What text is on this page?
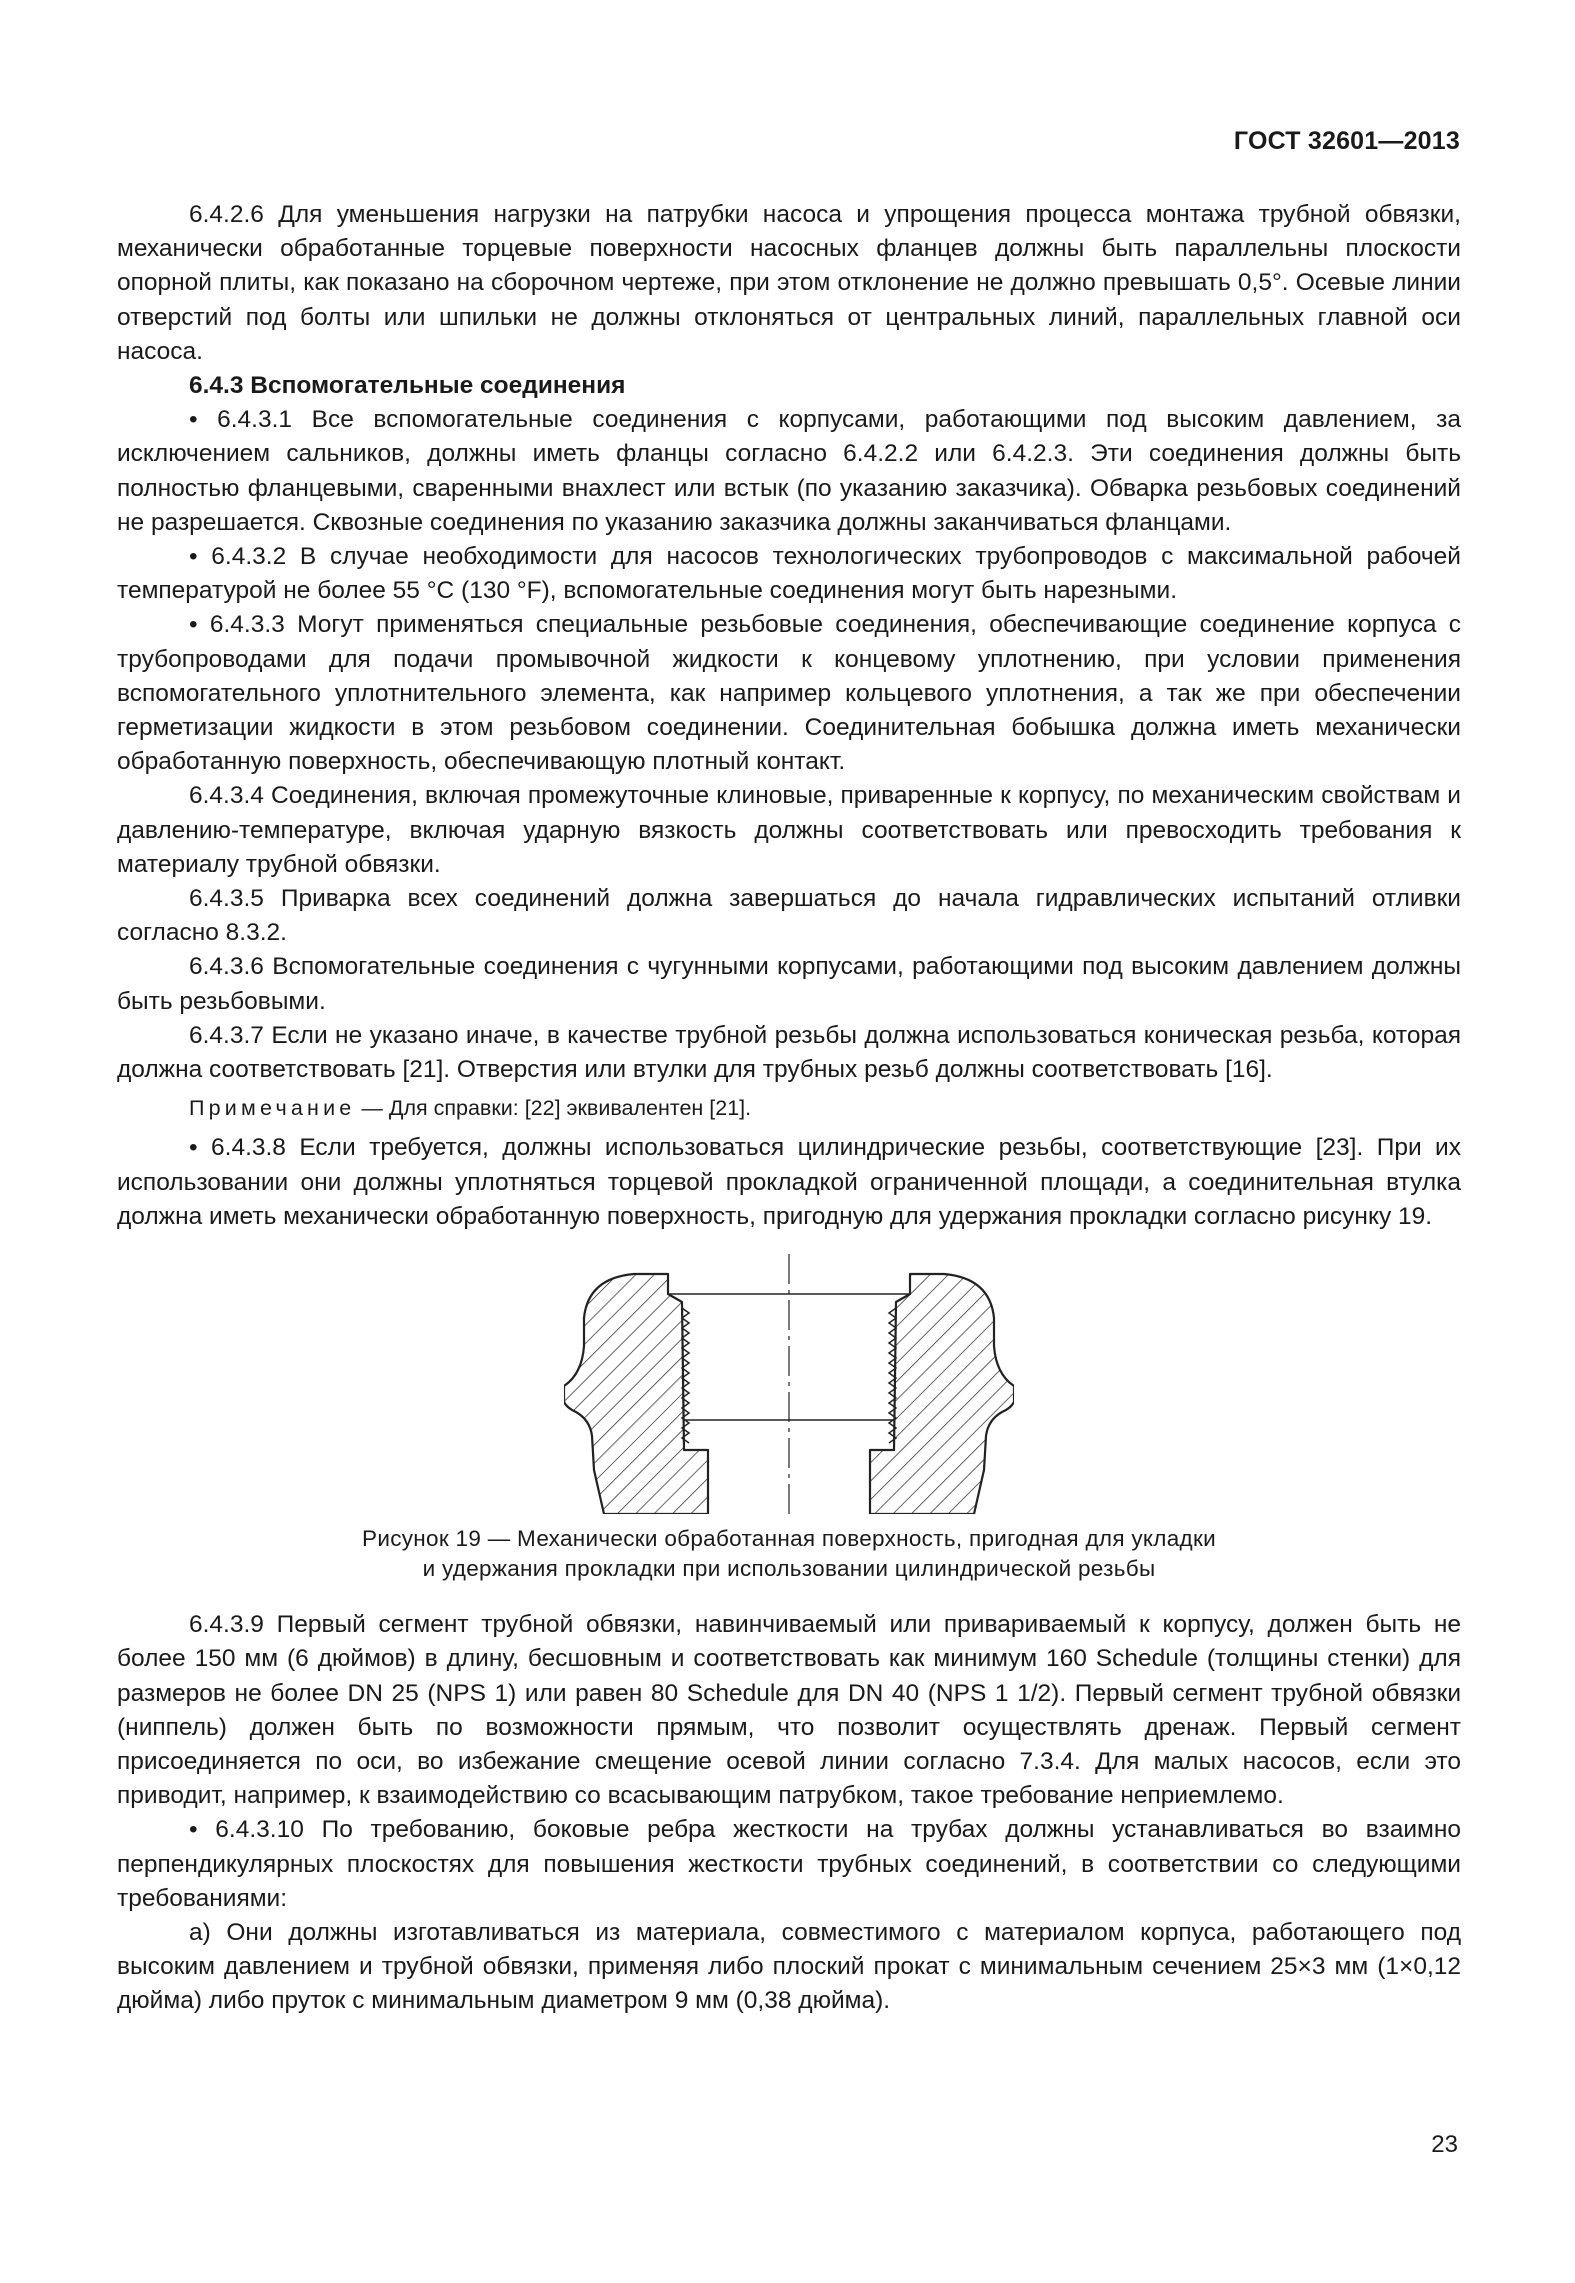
ГОСТ 32601—2013

6.4.2.6 Для уменьшения нагрузки на патрубки насоса и упрощения процесса монтажа трубной обвязки, механически обработанные торцевые поверхности насосных фланцев должны быть параллельны плоскости опорной плиты, как показано на сборочном чертеже, при этом отклонение не должно превышать 0,5°. Осевые линии отверстий под болты или шпильки не должны отклоняться от центральных линий, параллельных главной оси насоса.

6.4.3 Вспомогательные соединения

• 6.4.3.1 Все вспомогательные соединения с корпусами, работающими под высоким давлением, за исключением сальников, должны иметь фланцы согласно 6.4.2.2 или 6.4.2.3. Эти соединения должны быть полностью фланцевыми, сваренными внахлест или встык (по указанию заказчика). Обварка резьбовых соединений не разрешается. Сквозные соединения по указанию заказчика должны заканчиваться фланцами.

• 6.4.3.2 В случае необходимости для насосов технологических трубопроводов с максимальной рабочей температурой не более 55 °C (130 °F), вспомогательные соединения могут быть нарезными.

• 6.4.3.3 Могут применяться специальные резьбовые соединения, обеспечивающие соединение корпуса с трубопроводами для подачи промывочной жидкости к концевому уплотнению, при условии применения вспомогательного уплотнительного элемента, как например кольцевого уплотнения, а так же при обеспечении герметизации жидкости в этом резьбовом соединении. Соединительная бобышка должна иметь механически обработанную поверхность, обеспечивающую плотный контакт.

6.4.3.4 Соединения, включая промежуточные клиновые, приваренные к корпусу, по механическим свойствам и давлению-температуре, включая ударную вязкость должны соответствовать или превосходить требования к материалу трубной обвязки.

6.4.3.5 Приварка всех соединений должна завершаться до начала гидравлических испытаний отливки согласно 8.3.2.

6.4.3.6 Вспомогательные соединения с чугунными корпусами, работающими под высоким давлением должны быть резьбовыми.

6.4.3.7 Если не указано иначе, в качестве трубной резьбы должна использоваться коническая резьба, которая должна соответствовать [21]. Отверстия или втулки для трубных резьб должны соответствовать [16].

Примечание — Для справки: [22] эквивалентен [21].

• 6.4.3.8 Если требуется, должны использоваться цилиндрические резьбы, соответствующие [23]. При их использовании они должны уплотняться торцевой прокладкой ограниченной площади, а соединительная втулка должна иметь механически обработанную поверхность, пригодную для удержания прокладки согласно рисунку 19.

Рисунок 19 — Механически обработанная поверхность, пригодная для укладки
и удержания прокладки при использовании цилиндрической резьбы

6.4.3.9 Первый сегмент трубной обвязки, навинчиваемый или привариваемый к корпусу, должен быть не более 150 мм (6 дюймов) в длину, бесшовным и соответствовать как минимум 160 Schedule (толщины стенки) для размеров не более DN 25 (NPS 1) или равен 80 Schedule для DN 40 (NPS 1 1/2). Первый сегмент трубной обвязки (ниппель) должен быть по возможности прямым, что позволит осуществлять дренаж. Первый сегмент присоединяется по оси, во избежание смещение осевой линии согласно 7.3.4. Для малых насосов, если это приводит, например, к взаимодействию со всасывающим патрубком, такое требование неприемлемо.

• 6.4.3.10 По требованию, боковые ребра жесткости на трубах должны устанавливаться во взаимно перпендикулярных плоскостях для повышения жесткости трубных соединений, в соответствии со следующими требованиями:

а) Они должны изготавливаться из материала, совместимого с материалом корпуса, работающего под высоким давлением и трубной обвязки, применяя либо плоский прокат с минимальным сечением 25×3 мм (1×0,12 дюйма) либо пруток с минимальным диаметром 9 мм (0,38 дюйма).

23
